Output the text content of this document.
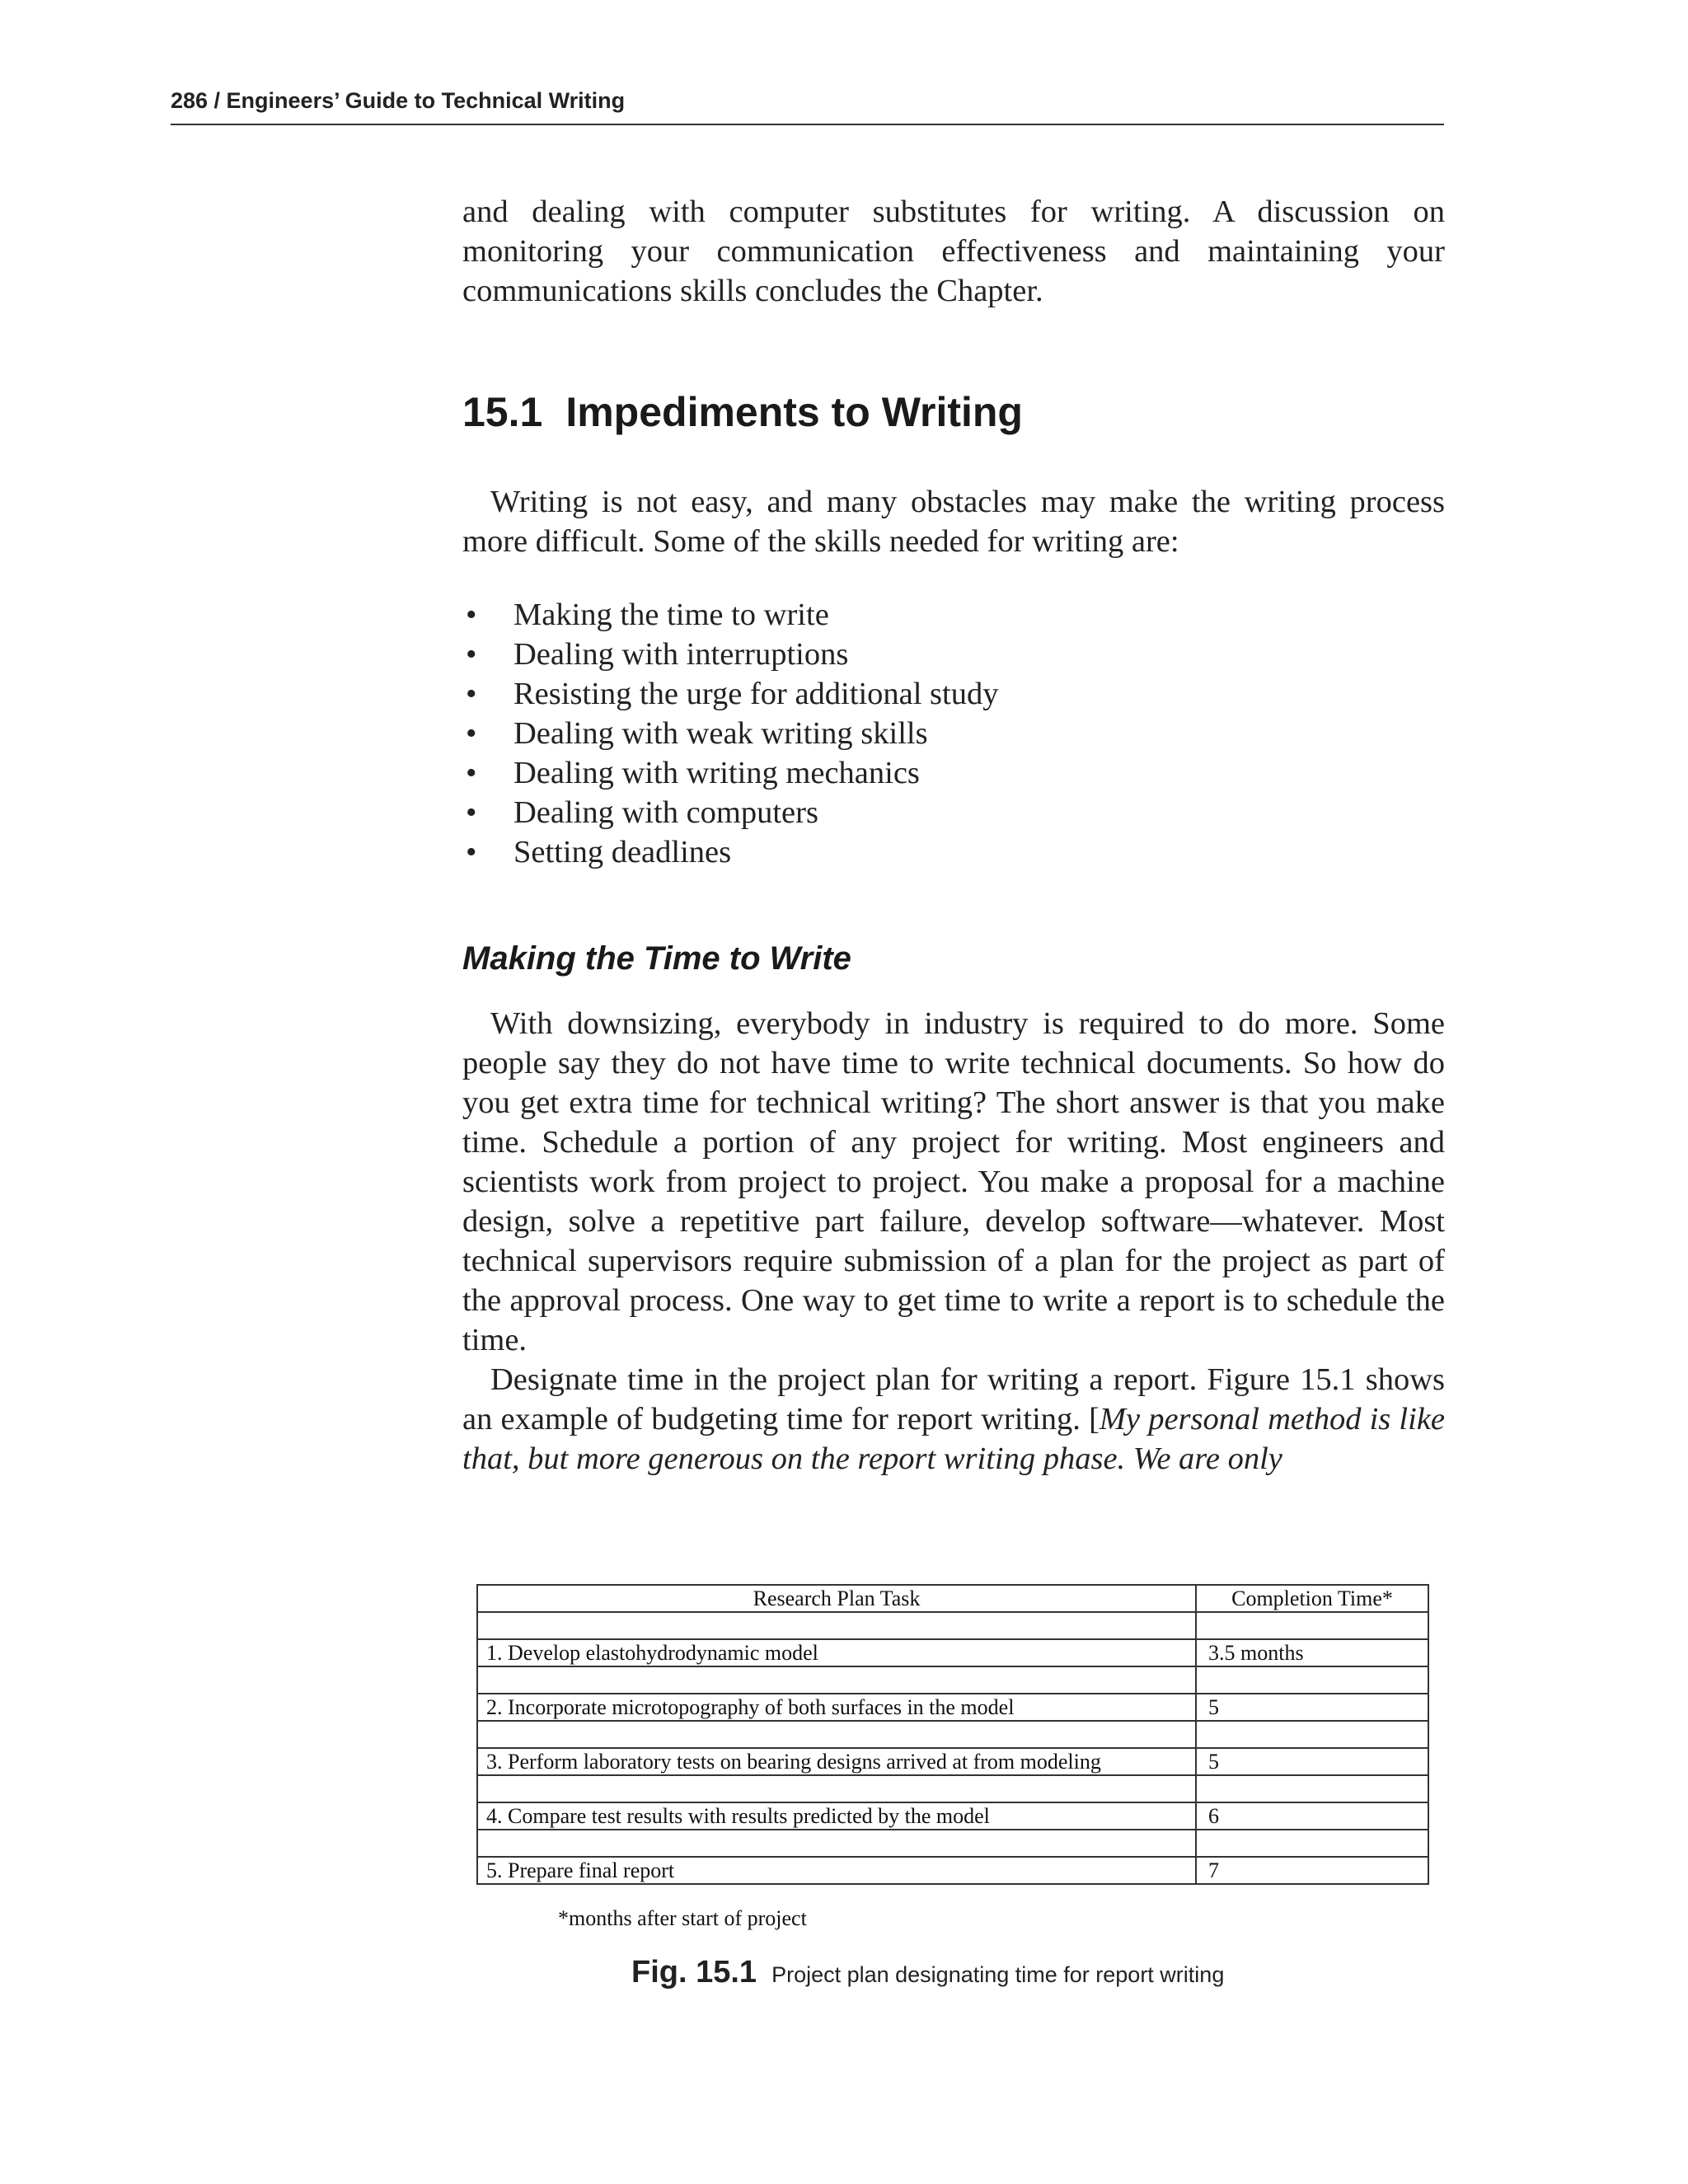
286 / Engineers’ Guide to Technical Writing

and dealing with computer substitutes for writing. A discussion on monitoring your communication effectiveness and maintaining your communications skills concludes the Chapter.

15.1 Impediments to Writing

Writing is not easy, and many obstacles may make the writing process more difficult. Some of the skills needed for writing are:

• Making the time to write
• Dealing with interruptions
• Resisting the urge for additional study
• Dealing with weak writing skills
• Dealing with writing mechanics
• Dealing with computers
• Setting deadlines
Making the Time to Write

With downsizing, everybody in industry is required to do more. Some people say they do not have time to write technical documents. So how do you get extra time for technical writing? The short answer is that you make time. Schedule a portion of any project for writing. Most engineers and scientists work from project to project. You make a proposal for a machine design, solve a repetitive part failure, develop software—whatever. Most technical supervisors require submission of a plan for the project as part of the approval process. One way to get time to write a report is to schedule the time.

Designate time in the project plan for writing a report. Figure 15.1 shows an example of budgeting time for report writing. [My personal method is like that, but more generous on the report writing phase. We are only

Research Plan Task	Completion Time*

1. Develop elastohydrodynamic model	3.5 months

2. Incorporate microtopography of both surfaces in the model	5

3. Perform laboratory tests on bearing designs arrived at from modeling	5

4. Compare test results with results predicted by the model	6

5. Prepare final report	7
*months after start of project
Fig. 15.1 Project plan designating time for report writing
